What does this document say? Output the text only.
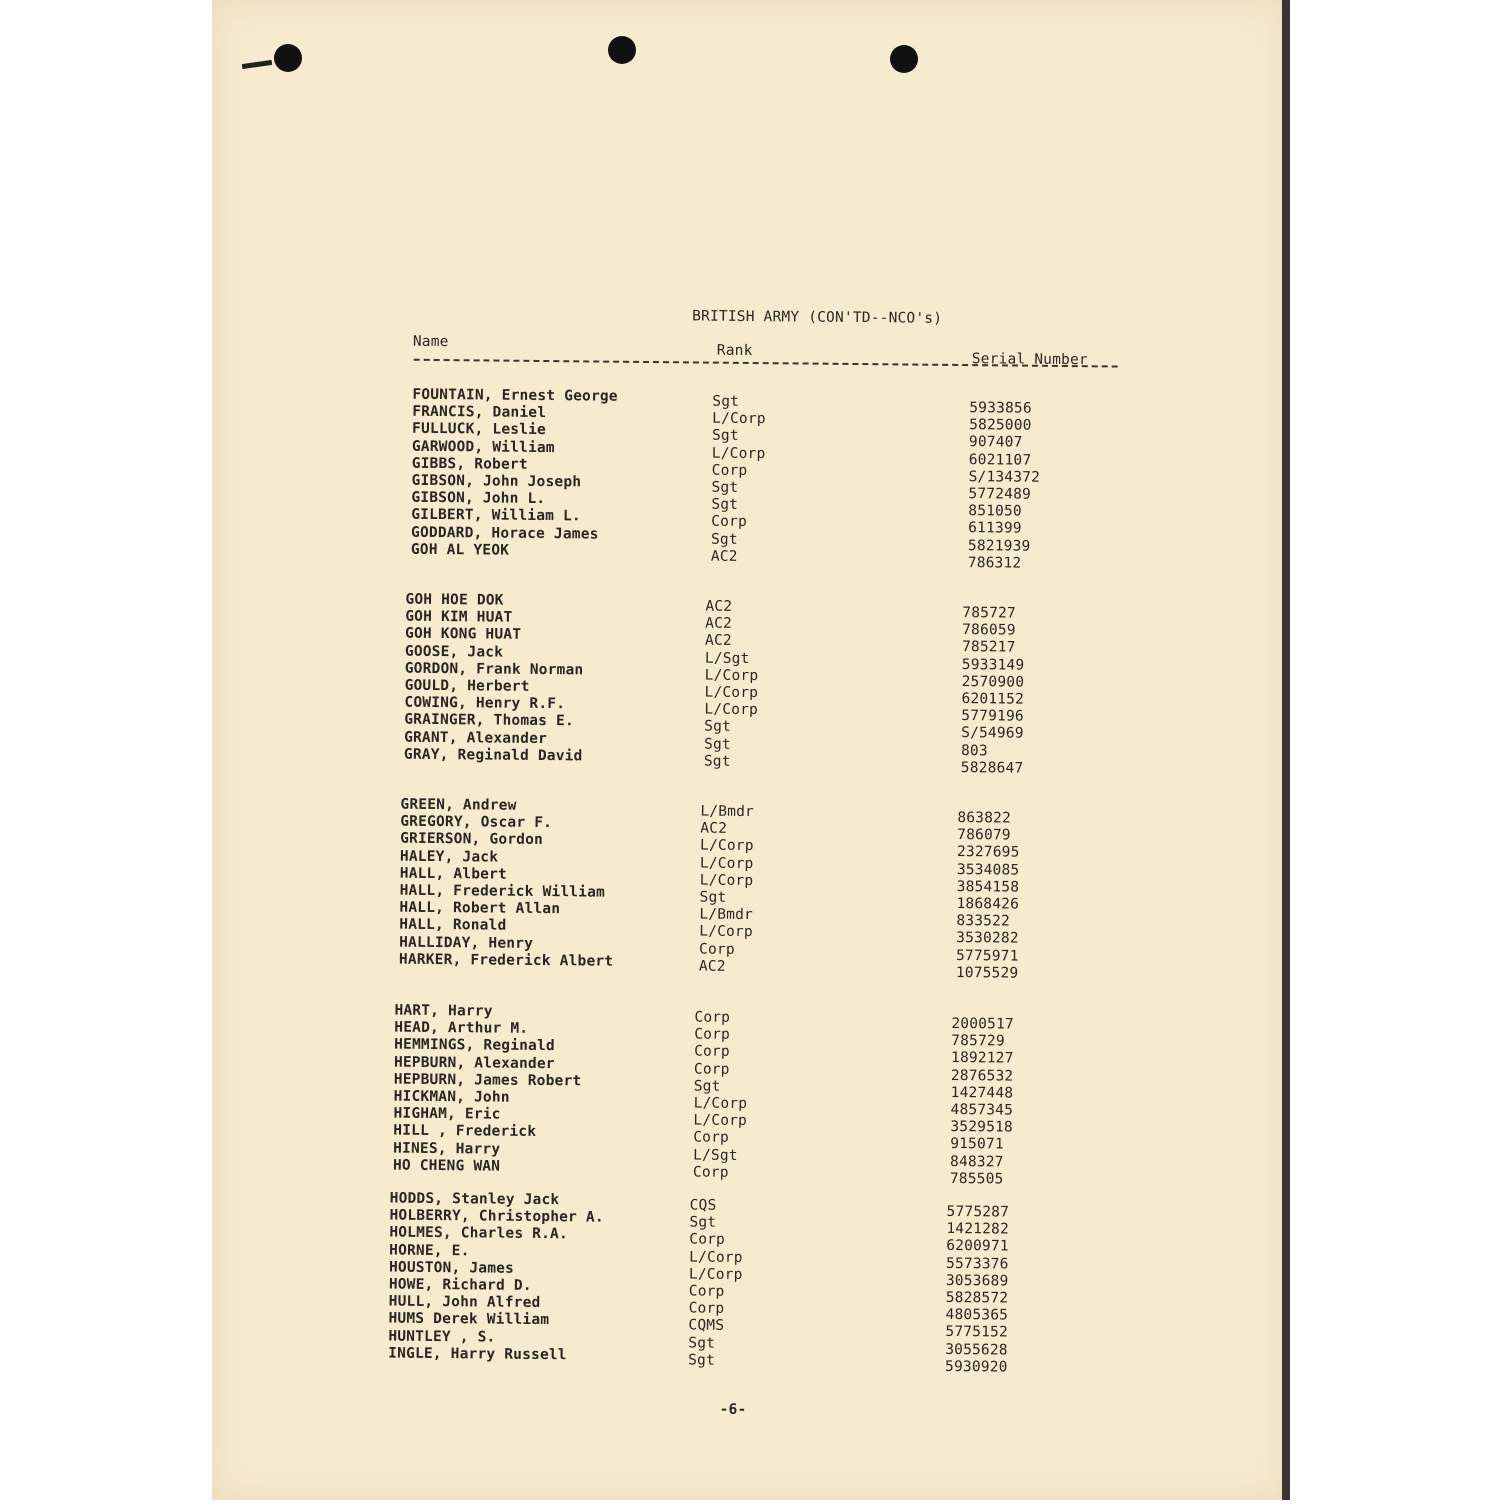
BRITISH ARMY (CON'TD--NCO's)
Name
Rank
Serial Number
FOUNTAIN, Ernest George	Sgt	5933856
FRANCIS, Daniel	L/Corp	5825000
FULLUCK, Leslie	Sgt	907407
GARWOOD, William	L/Corp	6021107
GIBBS, Robert	Corp	S/134372
GIBSON, John Joseph	Sgt	5772489
GIBSON, John L.	Sgt	851050
GILBERT, William L.	Corp	611399
GODDARD, Horace James	Sgt	5821939
GOH AL YEOK	AC2	786312
GOH HOE DOK	AC2	785727
GOH KIM HUAT	AC2	786059
GOH KONG HUAT	AC2	785217
GOOSE, Jack	L/Sgt	5933149
GORDON, Frank Norman	L/Corp	2570900
GOULD, Herbert	L/Corp	6201152
COWING, Henry R.F.	L/Corp	5779196
GRAINGER, Thomas E.	Sgt	S/54969
GRANT, Alexander	Sgt	803
GRAY, Reginald David	Sgt	5828647
GREEN, Andrew	L/Bmdr	863822
GREGORY, Oscar F.	AC2	786079
GRIERSON, Gordon	L/Corp	2327695
HALEY, Jack	L/Corp	3534085
HALL, Albert	L/Corp	3854158
HALL, Frederick William	Sgt	1868426
HALL, Robert Allan	L/Bmdr	833522
HALL, Ronald	L/Corp	3530282
HALLIDAY, Henry	Corp	5775971
HARKER, Frederick Albert	AC2	1075529
HART, Harry	Corp	2000517
HEAD, Arthur M.	Corp	785729
HEMMINGS, Reginald	Corp	1892127
HEPBURN, Alexander	Corp	2876532
HEPBURN, James Robert	Sgt	1427448
HICKMAN, John	L/Corp	4857345
HIGHAM, Eric	L/Corp	3529518
HILL , Frederick	Corp	915071
HINES, Harry	L/Sgt	848327
HO CHENG WAN	Corp	785505
HODDS, Stanley Jack	CQS	5775287
HOLBERRY, Christopher A.	Sgt	1421282
HOLMES, Charles R.A.	Corp	6200971
HORNE, E.	L/Corp	5573376
HOUSTON, James	L/Corp	3053689
HOWE, Richard D.	Corp	5828572
HULL, John Alfred	Corp	4805365
HUMS Derek William	CQMS	5775152
HUNTLEY , S.	Sgt	3055628
INGLE, Harry Russell	Sgt	5930920
-6-
